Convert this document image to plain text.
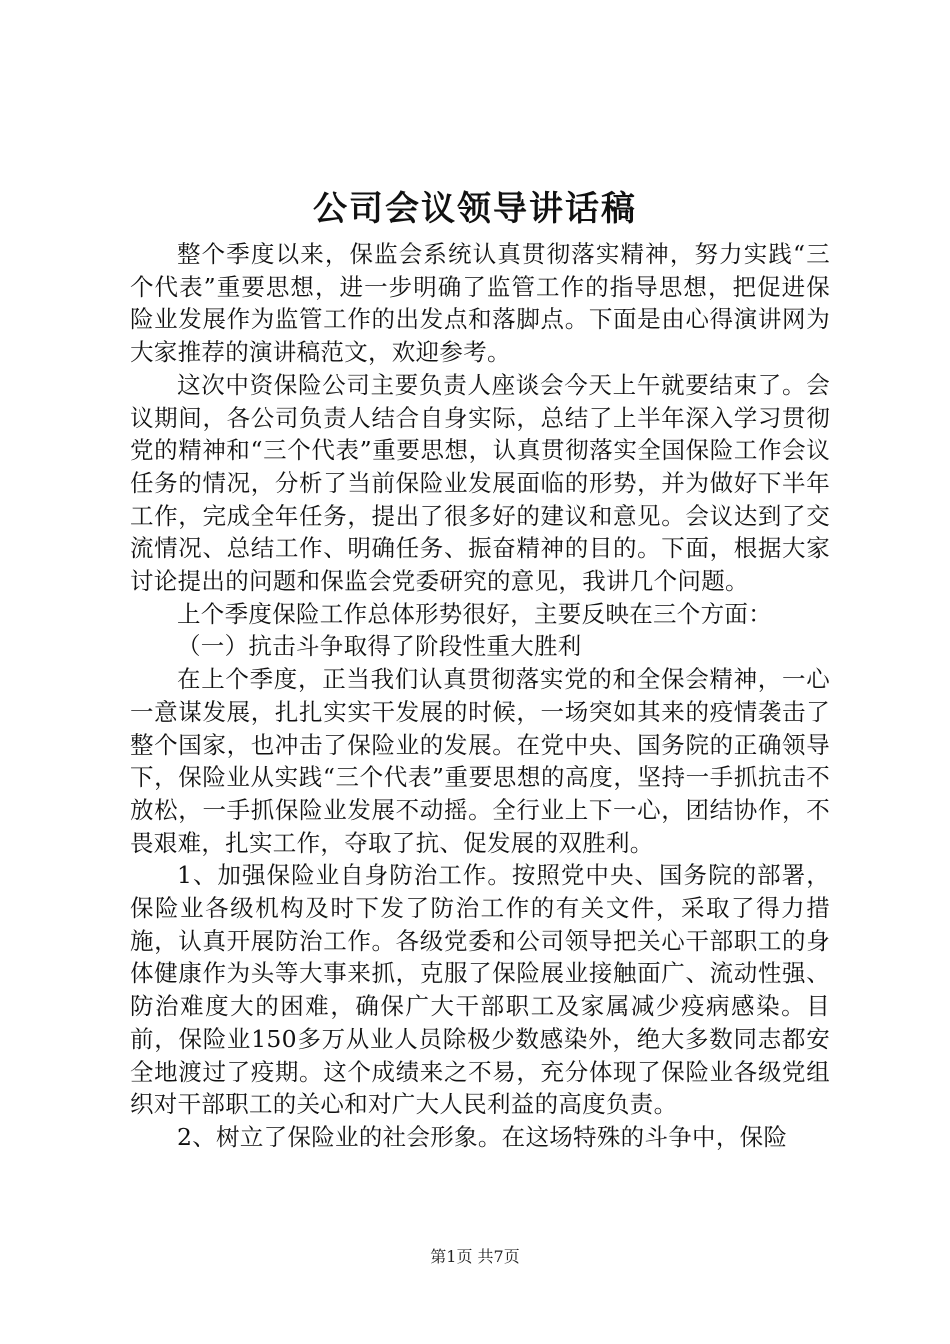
公司会议领导讲话稿

整个季度以来，保监会系统认真贯彻落实精神，努力实践“三个代表”重要思想，进一步明确了监管工作的指导思想，把促进保险业发展作为监管工作的出发点和落脚点。下面是由心得演讲网为大家推荐的演讲稿范文，欢迎参考。

这次中资保险公司主要负责人座谈会今天上午就要结束了。会议期间，各公司负责人结合自身实际，总结了上半年深入学习贯彻党的精神和“三个代表”重要思想，认真贯彻落实全国保险工作会议任务的情况，分析了当前保险业发展面临的形势，并为做好下半年工作，完成全年任务，提出了很多好的建议和意见。会议达到了交流情况、总结工作、明确任务、振奋精神的目的。下面，根据大家讨论提出的问题和保监会党委研究的意见，我讲几个问题。

上个季度保险工作总体形势很好，主要反映在三个方面：

（一）抗击斗争取得了阶段性重大胜利

在上个季度，正当我们认真贯彻落实党的和全保会精神，一心一意谋发展，扎扎实实干发展的时候，一场突如其来的疫情袭击了整个国家，也冲击了保险业的发展。在党中央、国务院的正确领导下，保险业从实践“三个代表”重要思想的高度，坚持一手抓抗击不放松，一手抓保险业发展不动摇。全行业上下一心，团结协作，不畏艰难，扎实工作，夺取了抗、促发展的双胜利。

1、加强保险业自身防治工作。按照党中央、国务院的部署，保险业各级机构及时下发了防治工作的有关文件，采取了得力措施，认真开展防治工作。各级党委和公司领导把关心干部职工的身体健康作为头等大事来抓，克服了保险展业接触面广、流动性强、防治难度大的困难，确保广大干部职工及家属减少疫病感染。目前，保险业150多万从业人员除极少数感染外，绝大多数同志都安全地渡过了疫期。这个成绩来之不易，充分体现了保险业各级党组织对干部职工的关心和对广大人民利益的高度负责。

2、树立了保险业的社会形象。在这场特殊的斗争中，保险

第1页 共7页
